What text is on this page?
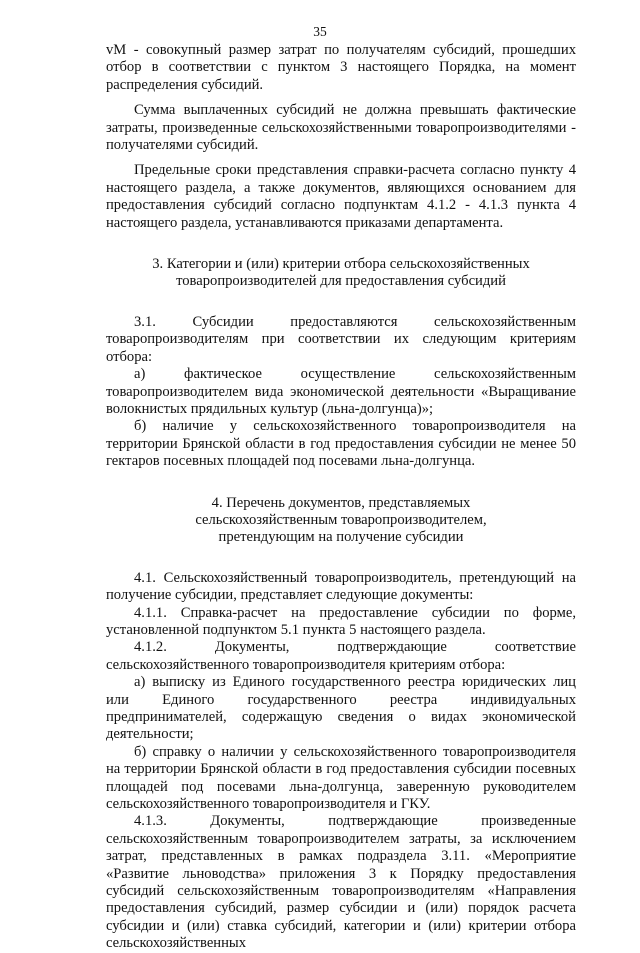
35

vM - совокупный размер затрат по получателям субсидий, прошедших отбор в соответствии с пунктом 3 настоящего Порядка, на момент распределения субсидий.

Сумма выплаченных субсидий не должна превышать фактические затраты, произведенные сельскохозяйственными товаропроизводителями - получателями субсидий.

Предельные сроки представления справки-расчета согласно пункту 4 настоящего раздела, а также документов, являющихся основанием для предоставления субсидий согласно подпунктам 4.1.2 - 4.1.3 пункта 4 настоящего раздела, устанавливаются приказами департамента.

3. Категории и (или) критерии отбора сельскохозяйственных
товаропроизводителей для предоставления субсидий

3.1. Субсидии предоставляются сельскохозяйственным товаропроизводителям при соответствии их следующим критериям отбора:

а) фактическое осуществление сельскохозяйственным товаропроизводителем вида экономической деятельности «Выращивание волокнистых прядильных культур (льна-долгунца)»;

б) наличие у сельскохозяйственного товаропроизводителя на территории Брянской области в год предоставления субсидии не менее 50 гектаров посевных площадей под посевами льна-долгунца.

4. Перечень документов, представляемых
сельскохозяйственным товаропроизводителем,
претендующим на получение субсидии

4.1. Сельскохозяйственный товаропроизводитель, претендующий на получение субсидии, представляет следующие документы:

4.1.1. Справка-расчет на предоставление субсидии по форме, установленной подпунктом 5.1 пункта 5 настоящего раздела.

4.1.2. Документы, подтверждающие соответствие сельскохозяйственного товаропроизводителя критериям отбора:

а) выписку из Единого государственного реестра юридических лиц или Единого государственного реестра индивидуальных предпринимателей, содержащую сведения о видах экономической деятельности;

б) справку о наличии у сельскохозяйственного товаропроизводителя на территории Брянской области в год предоставления субсидии посевных площадей под посевами льна-долгунца, заверенную руководителем сельскохозяйственного товаропроизводителя и ГКУ.

4.1.3. Документы, подтверждающие произведенные сельскохозяйственным товаропроизводителем затраты, за исключением затрат, представленных в рамках подраздела 3.11. «Мероприятие «Развитие льноводства» приложения 3 к Порядку предоставления субсидий сельскохозяйственным товаропроизводителям «Направления предоставления субсидий, размер субсидии и (или) порядок расчета субсидии и (или) ставка субсидий, категории и (или) критерии отбора сельскохозяйственных
